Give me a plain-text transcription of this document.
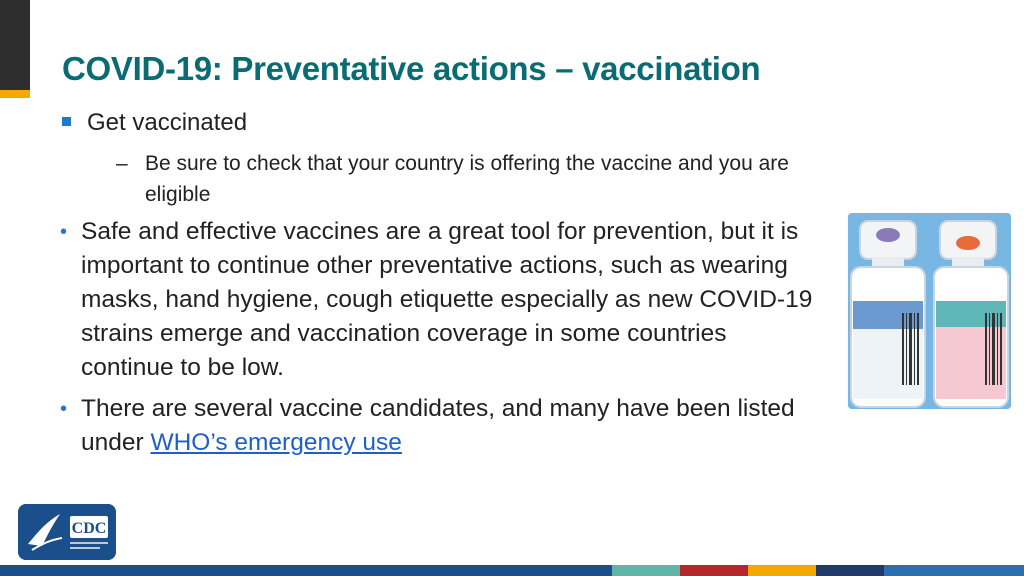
COVID-19: Preventative actions – vaccination
Get vaccinated
– Be sure to check that your country is offering the vaccine and you are eligible
• Safe and effective vaccines are a great tool for prevention, but it is important to continue other preventative actions, such as wearing masks, hand hygiene, cough etiquette especially as new COVID-19 strains emerge and vaccination coverage in some countries continue to be low.
• There are several vaccine candidates, and many have been listed under WHO’s emergency use
CDC
